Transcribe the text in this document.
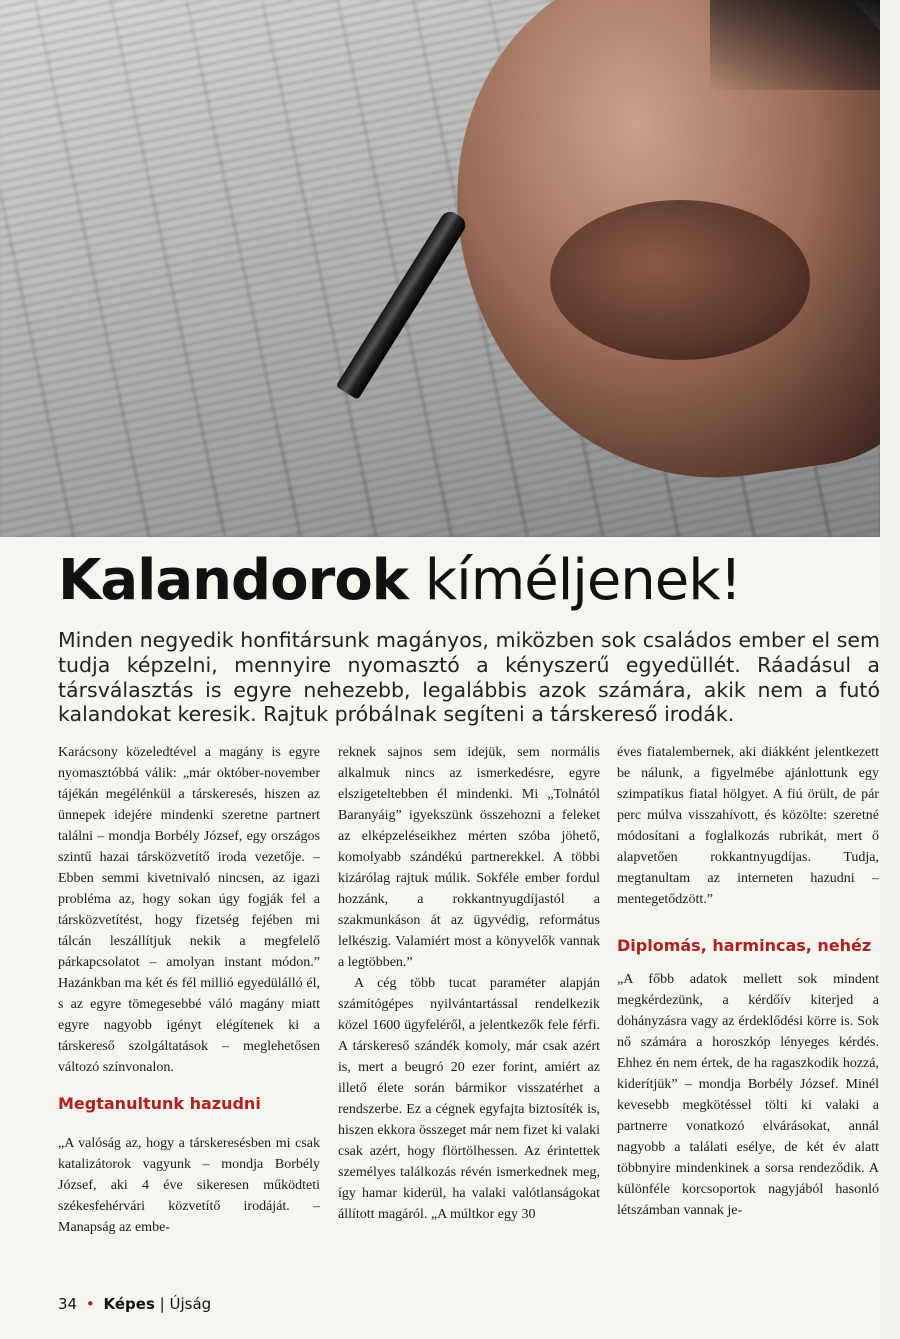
Kalandorok kíméljenek!

Minden negyedik honfitársunk magányos, miközben sok családos ember el sem tudja képzelni, mennyire nyomasztó a kényszerű egyedüllét. Ráadásul a társválasztás is egyre nehezebb, legalábbis azok számára, akik nem a futó kalandokat keresik. Rajtuk próbálnak segíteni a társkereső irodák.

Karácsony közeledtével a magány is egyre nyomasztóbbá válik: „már október-november tájékán megélénkül a társkeresés, hiszen az ünnepek idejére mindenki szeretne partnert találni – mondja Borbély József, egy országos szintű hazai társközvetítő iroda vezetője. – Ebben semmi kivetnivaló nincsen, az igazi probléma az, hogy sokan úgy fogják fel a társközvetítést, hogy fizetség fejében mi tálcán leszállítjuk nekik a megfelelő párkapcsolatot – amolyan instant módon.” Hazánkban ma két és fél millió egyedülálló él, s az egyre tömegesebbé váló magány miatt egyre nagyobb igényt elégítenek ki a társkereső szolgáltatások – meglehetősen változó színvonalon.

Megtanultunk hazudni

„A valóság az, hogy a társkeresésben mi csak katalizátorok vagyunk – mondja Borbély József, aki 4 éve sikeresen működteti székesfehérvári közvetítő irodáját. – Manapság az embe-

reknek sajnos sem idejük, sem normális alkalmuk nincs az ismerkedésre, egyre elszigeteltebben él mindenki. Mi „Tolnától Baranyáig” igyekszünk összehozni a feleket az elképzeléseikhez mérten szóba jöhető, komolyabb szándékú partnerekkel. A többi kizárólag rajtuk múlik. Sokféle ember fordul hozzánk, a rokkantnyugdíjastól a szakmunkáson át az ügyvédig, református lelkészig. Valamiért most a könyvelők vannak a legtöbben.”

A cég több tucat paraméter alapján számítógépes nyilvántartással rendelkezik közel 1600 ügyfeléről, a jelentkezők fele férfi. A társkereső szándék komoly, már csak azért is, mert a beugró 20 ezer forint, amiért az illető élete során bármikor visszatérhet a rendszerbe. Ez a cégnek egyfajta biztosíték is, hiszen ekkora összeget már nem fizet ki valaki csak azért, hogy flörtölhessen. Az érintettek személyes találkozás révén ismerkednek meg, így hamar kiderül, ha valaki valótlanságokat állított magáról. „A múltkor egy 30

éves fiatalembernek, aki diákként jelentkezett be nálunk, a figyelmébe ajánlottunk egy szimpatikus fiatal hölgyet. A fiú örült, de pár perc múlva visszahívott, és közölte: szeretné módosítani a foglalkozás rubrikát, mert ő alapvetően rokkantnyugdíjas. Tudja, megtanultam az interneten hazudni – mentegetődzött.”

Diplomás, harmincas, nehéz

„A főbb adatok mellett sok mindent megkérdezünk, a kérdőív kiterjed a dohányzásra vagy az érdeklődési körre is. Sok nő számára a horoszkóp lényeges kérdés. Ehhez én nem értek, de ha ragaszkodik hozzá, kiderítjük” – mondja Borbély József. Minél kevesebb megkötéssel tölti ki valaki a partnerre vonatkozó elvárásokat, annál nagyobb a találati esélye, de két év alatt többnyire mindenkinek a sorsa rendeződik. A különféle korcsoportok nagyjából hasonló létszámban vannak je-

34 • Képes | Újság
